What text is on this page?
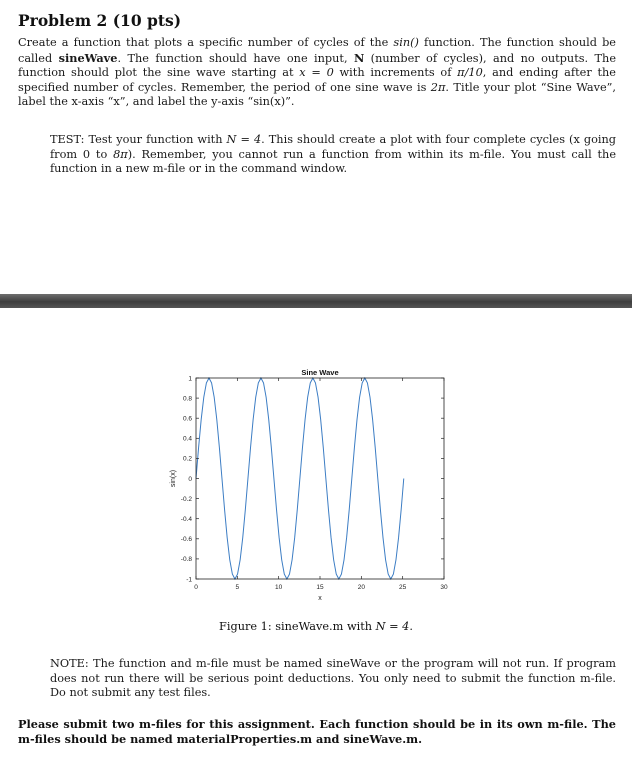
Problem 2 (10 pts)

Create a function that plots a specific number of cycles of the sin() function. The function should be called sineWave. The function should have one input, N (number of cycles), and no outputs. The function should plot the sine wave starting at x = 0 with increments of π/10, and ending after the specified number of cycles. Remember, the period of one sine wave is 2π. Title your plot “Sine Wave”, label the x-axis “x”, and label the y-axis “sin(x)”.

TEST: Test your function with N = 4. This should create a plot with four complete cycles (x going from 0 to 8π). Remember, you cannot run a function from within its m-file. You must call the function in a new m-file or in the command window.

0	5	10	15	20	25	30
-1
-0.8
-0.6
-0.4
-0.2
0
0.2
0.4
0.6
0.8
1
Sine Wave
x
sin(x)

Figure 1: sineWave.m with N = 4.

NOTE: The function and m-file must be named sineWave or the program will not run. If program does not run there will be serious point deductions. You only need to submit the function m-file. Do not submit any test files.

Please submit two m-files for this assignment. Each function should be in its own m-file. The m-files should be named materialProperties.m and sineWave.m.
